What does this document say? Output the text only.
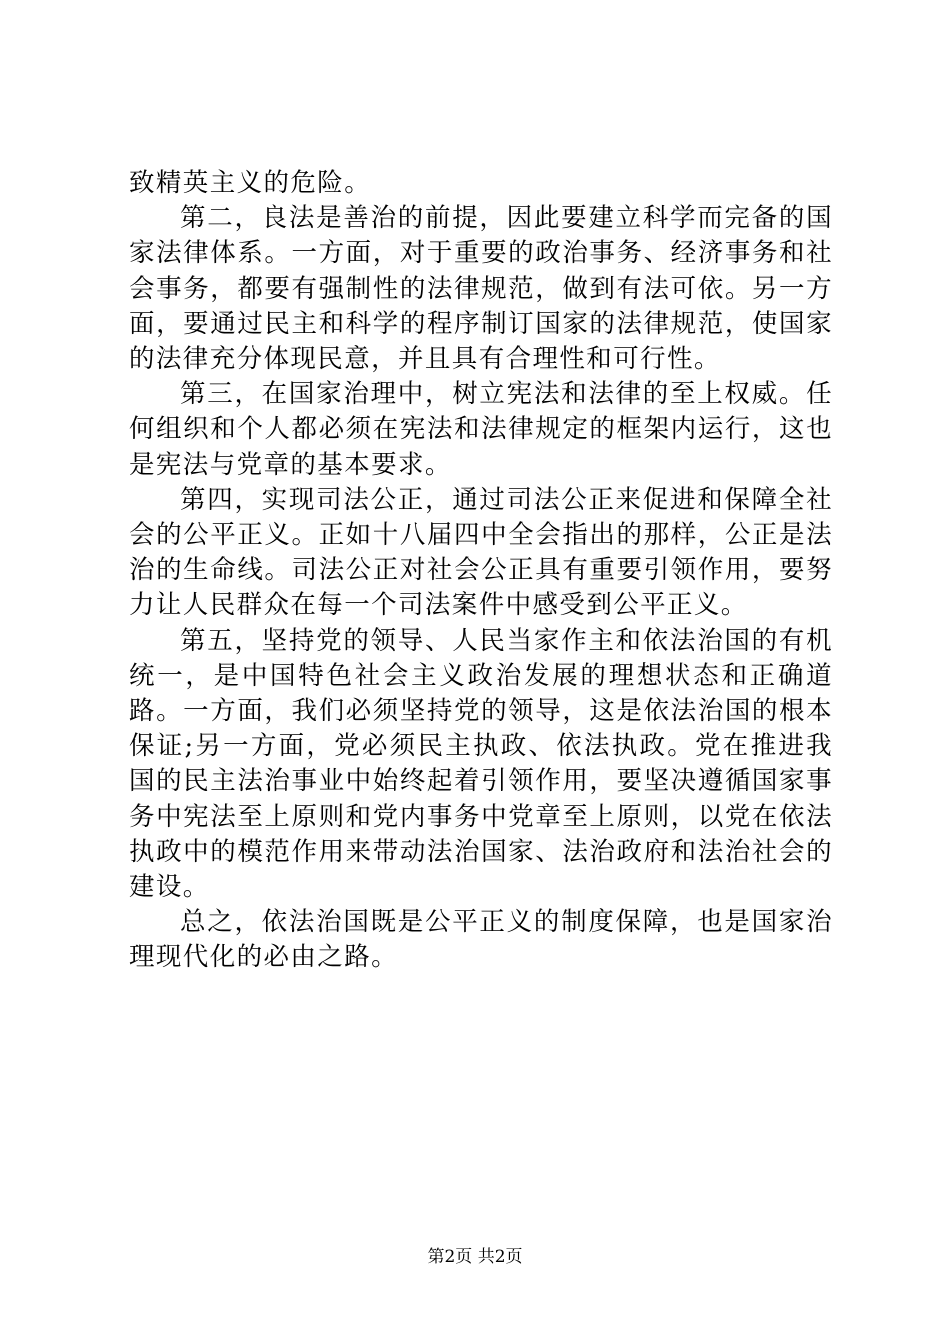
致精英主义的危险。

第二，良法是善治的前提，因此要建立科学而完备的国家法律体系。一方面，对于重要的政治事务、经济事务和社会事务，都要有强制性的法律规范，做到有法可依。另一方面，要通过民主和科学的程序制订国家的法律规范，使国家的法律充分体现民意，并且具有合理性和可行性。

第三，在国家治理中，树立宪法和法律的至上权威。任何组织和个人都必须在宪法和法律规定的框架内运行，这也是宪法与党章的基本要求。

第四，实现司法公正，通过司法公正来促进和保障全社会的公平正义。正如十八届四中全会指出的那样，公正是法治的生命线。司法公正对社会公正具有重要引领作用，要努力让人民群众在每一个司法案件中感受到公平正义。

第五，坚持党的领导、人民当家作主和依法治国的有机统一，是中国特色社会主义政治发展的理想状态和正确道路。一方面，我们必须坚持党的领导，这是依法治国的根本保证;另一方面，党必须民主执政、依法执政。党在推进我国的民主法治事业中始终起着引领作用，要坚决遵循国家事务中宪法至上原则和党内事务中党章至上原则，以党在依法执政中的模范作用来带动法治国家、法治政府和法治社会的建设。

总之，依法治国既是公平正义的制度保障，也是国家治理现代化的必由之路。

第2页 共2页
